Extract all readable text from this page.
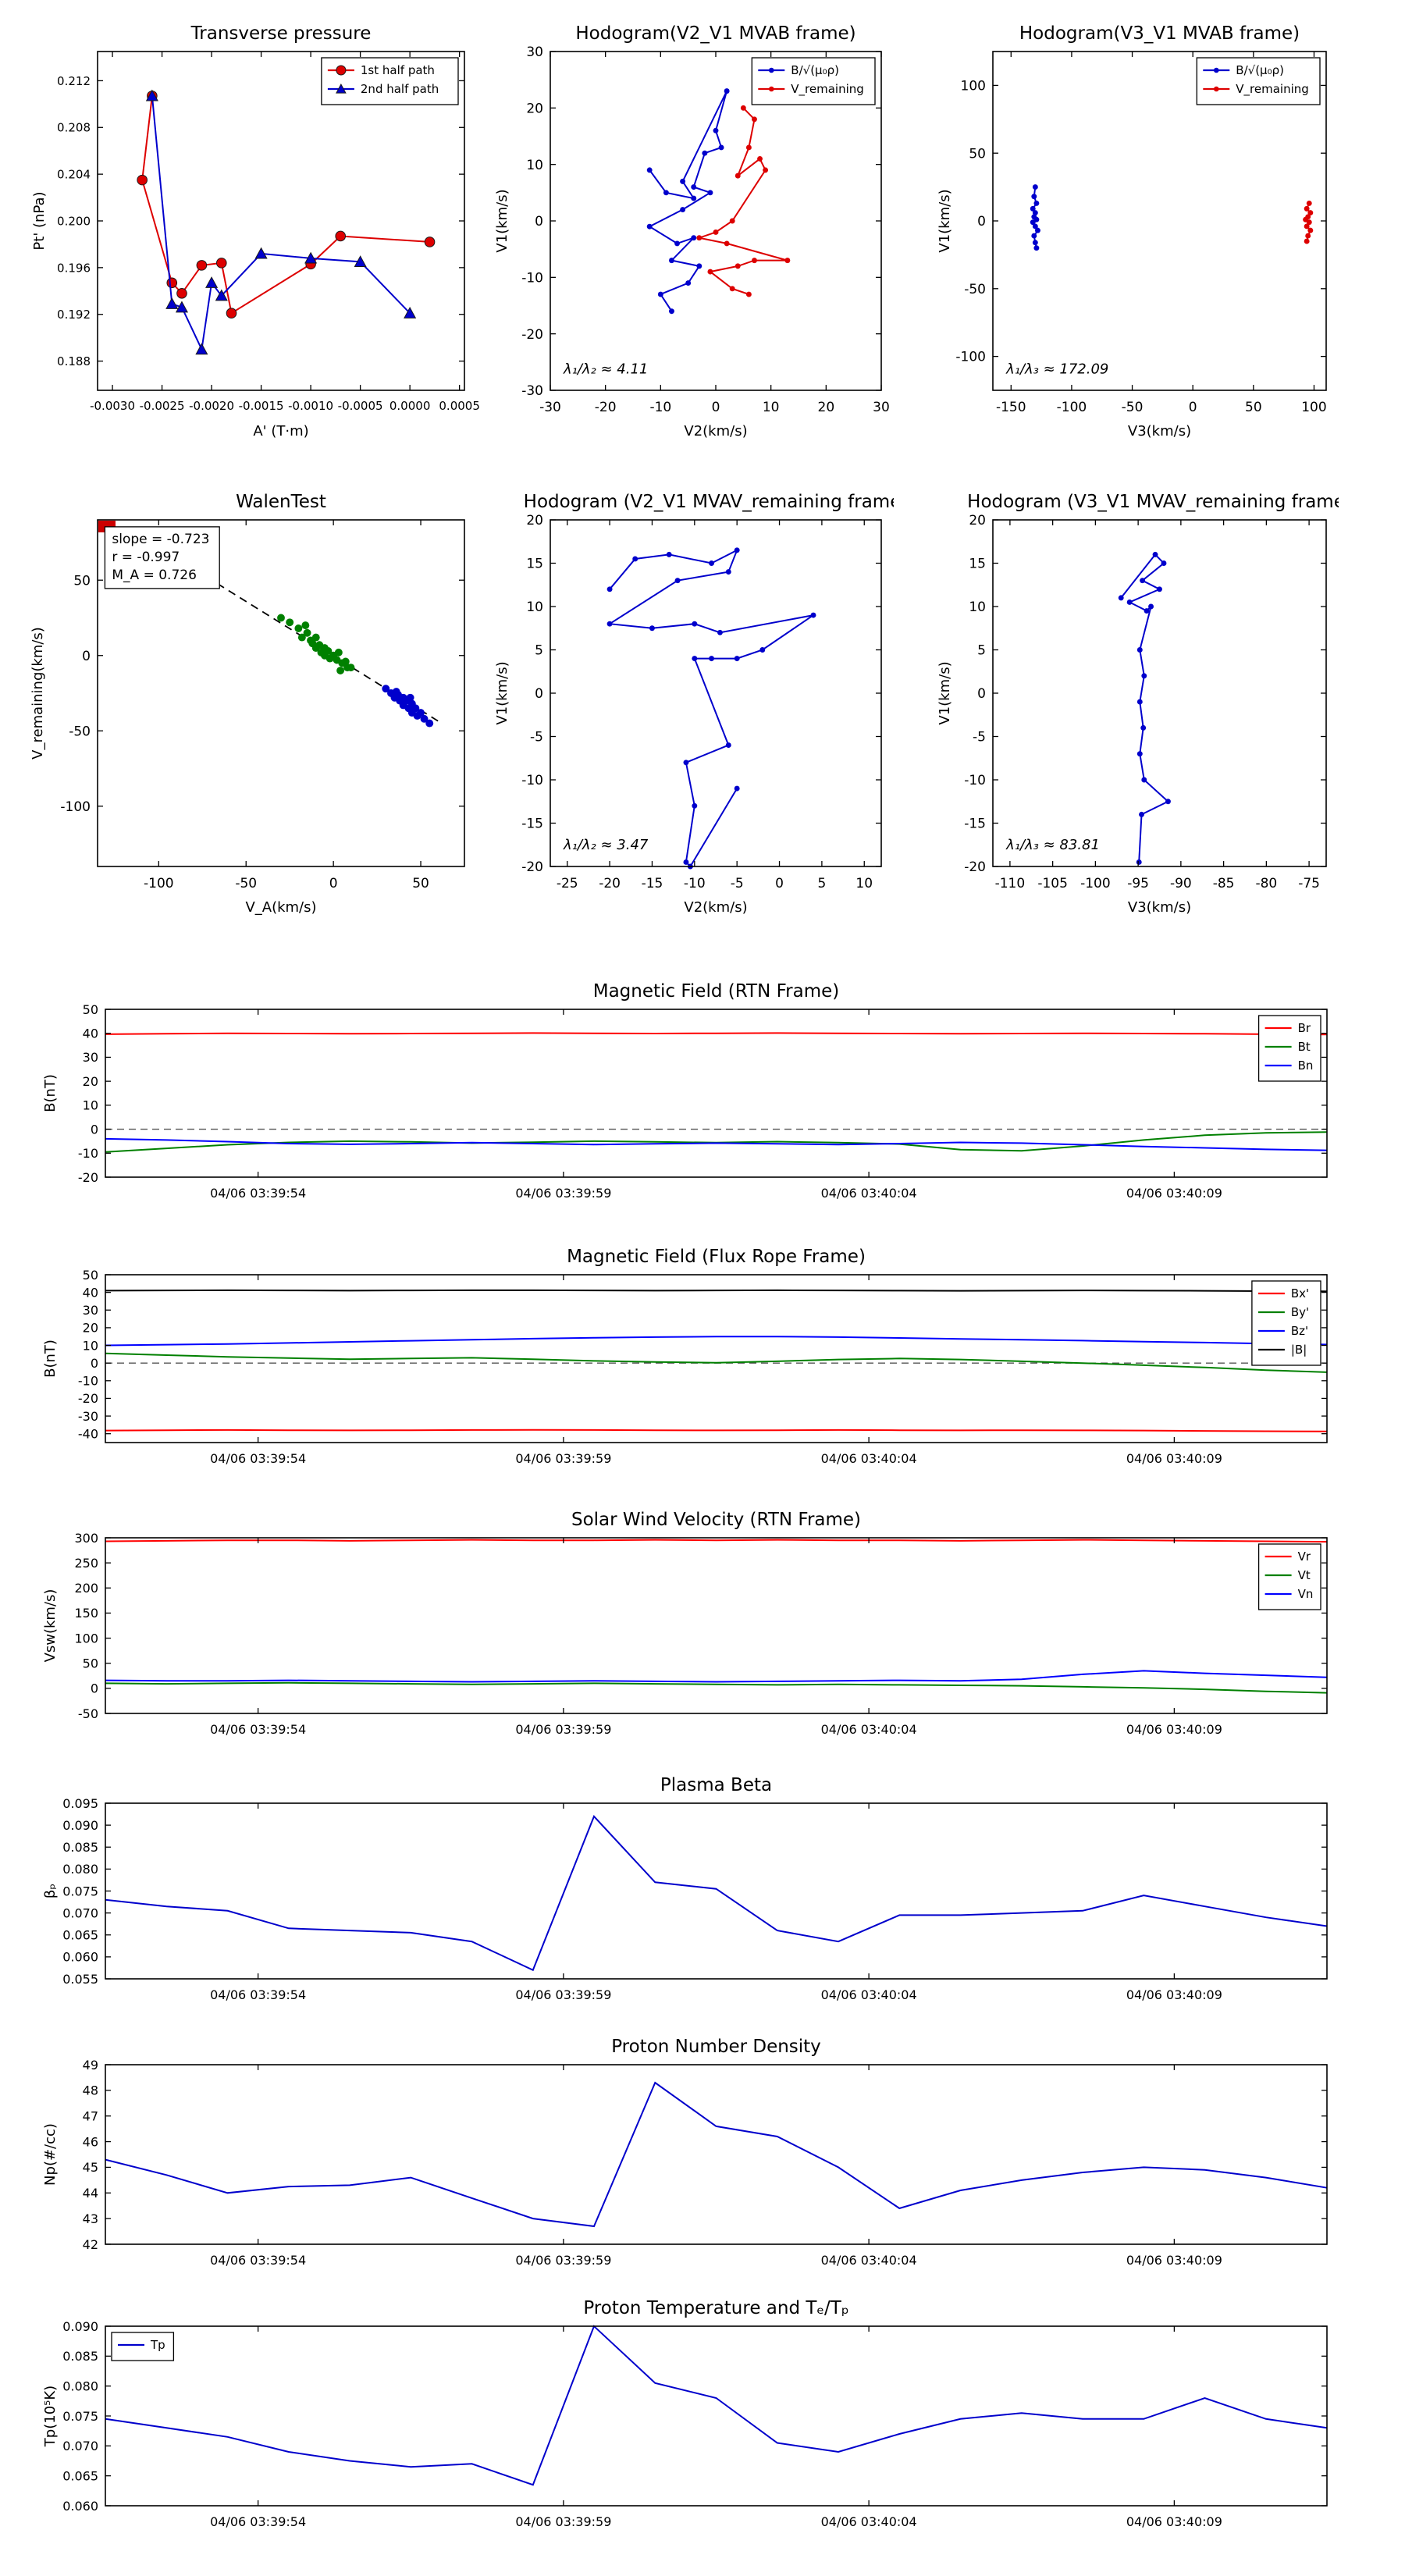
-0.0030 -0.0025 -0.0020 -0.0015 -0.0010 -0.0005 0.0000 0.0005
0.188
0.192
0.196
0.200
0.204
0.208
0.212
Transverse pressure
A' (T·m)
Pt' (nPa)
1st half path
2nd half path
-30	-20	-10	0	10	20	30
-30
-20
-10
0
10
20
30
Hodogram(V2_V1 MVAB frame)
V2(km/s)
V1(km/s)
B/√(μ₀ρ)
V_remaining
λ₁/λ₂ ≈ 4.11
-150 -100	-50	0	50	100
-100
-50
0
50
100
Hodogram(V3_V1 MVAB frame)
V3(km/s)
V1(km/s)
B/√(μ₀ρ)
V_remaining
λ₁/λ₃ ≈ 172.09
-100	-50	0	50
-100
-50
0
50
WalenTest
V_A(km/s)
V_remaining(km/s)
slope = -0.723
r = -0.997
M_A = 0.726
-25 -20 -15 -10 -5 0	5 10
-20
-15
-10
-5
0
5
10
15
20
Hodogram (V2_V1 MVAV_remaining frame)
V2(km/s)
V1(km/s)
λ₁/λ₂ ≈ 3.47
-110 -105 -100 -95 -90 -85 -80 -75
-20
-15
-10
-5
0
5
10
15
20
Hodogram (V3_V1 MVAV_remaining frame)
V3(km/s)
V1(km/s)
λ₁/λ₃ ≈ 83.81
04/06 03:39:54	04/06 03:39:59	04/06 03:40:04	04/06 03:40:09
-20
-10
0
10
20
30
40
50
Magnetic Field (RTN Frame)
B(nT)
Br
Bt
Bn
04/06 03:39:54	04/06 03:39:59	04/06 03:40:04	04/06 03:40:09
-40
-30
-20
-10
0
10
20
30
40
50
Magnetic Field (Flux Rope Frame)
B(nT)
Bx'
By'
Bz'
|B|
04/06 03:39:54	04/06 03:39:59	04/06 03:40:04	04/06 03:40:09
-50
0
50
100
150
200
250
300
Solar Wind Velocity (RTN Frame)
Vsw(km/s)
Vr
Vt
Vn
04/06 03:39:54	04/06 03:39:59	04/06 03:40:04	04/06 03:40:09
0.055
0.060
0.065
0.070
0.075
0.080
0.085
0.090
0.095
Plasma Beta
βₚ
04/06 03:39:54	04/06 03:39:59	04/06 03:40:04	04/06 03:40:09
42
43
44
45
46
47
48
49
Proton Number Density
Np(#/cc)
04/06 03:39:54	04/06 03:39:59	04/06 03:40:04	04/06 03:40:09
0.060
0.065
0.070
0.075
0.080
0.085
0.090
Proton Temperature and Tₑ/Tₚ
Tp(10⁵K)
Tp
